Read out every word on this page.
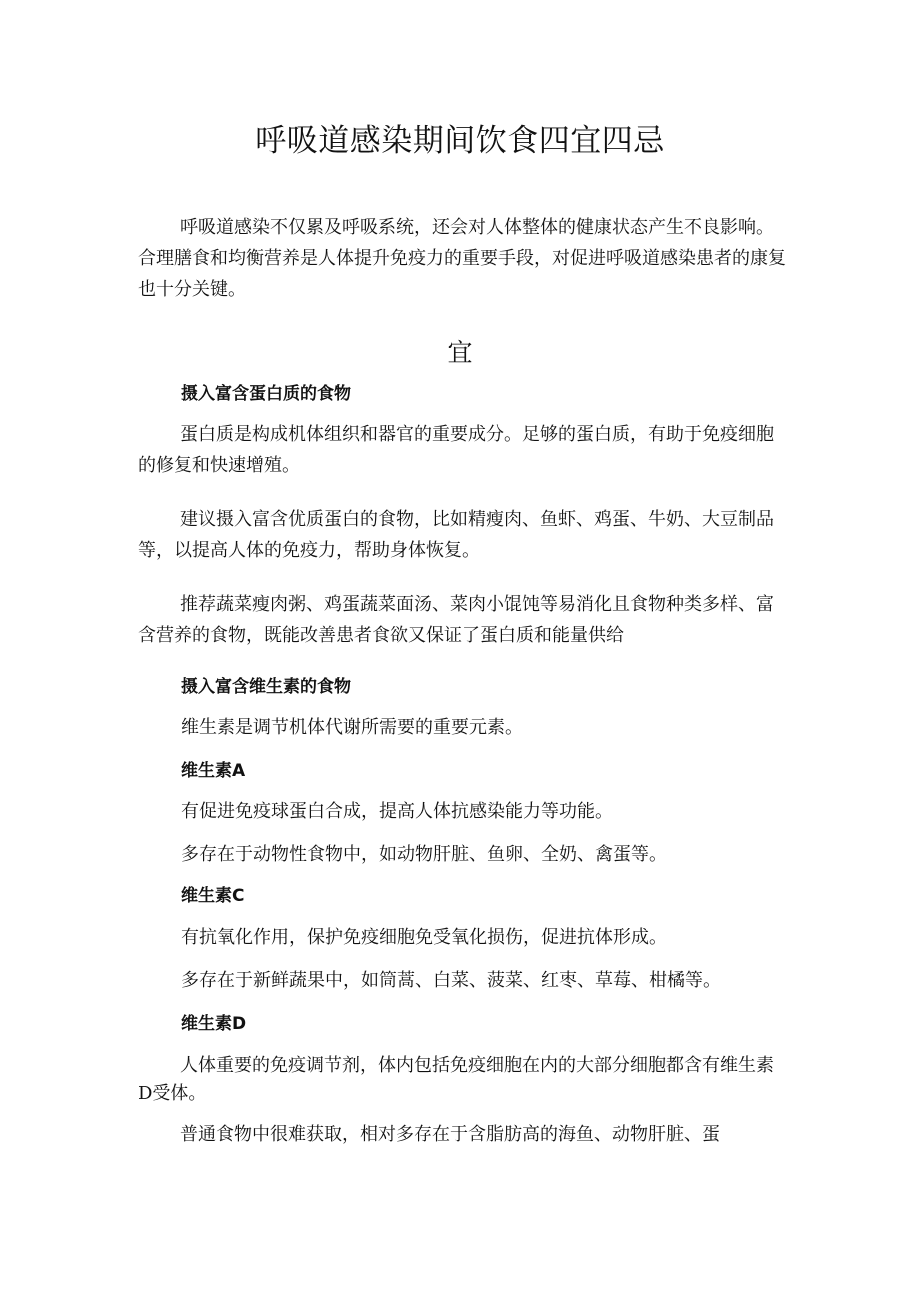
呼吸道感染期间饮食四宜四忌
呼吸道感染不仅累及呼吸系统，还会对人体整体的健康状态产生不良影响。合理膳食和均衡营养是人体提升免疫力的重要手段，对促进呼吸道感染患者的康复也十分关键。
宜
摄入富含蛋白质的食物
蛋白质是构成机体组织和器官的重要成分。足够的蛋白质，有助于免疫细胞的修复和快速增殖。
建议摄入富含优质蛋白的食物，比如精瘦肉、鱼虾、鸡蛋、牛奶、大豆制品等，以提高人体的免疫力，帮助身体恢复。
推荐蔬菜瘦肉粥、鸡蛋蔬菜面汤、菜肉小馄饨等易消化且食物种类多样、富含营养的食物，既能改善患者食欲又保证了蛋白质和能量供给
摄入富含维生素的食物
维生素是调节机体代谢所需要的重要元素。
维生素A
有促进免疫球蛋白合成，提高人体抗感染能力等功能。
多存在于动物性食物中，如动物肝脏、鱼卵、全奶、禽蛋等。
维生素C
有抗氧化作用，保护免疫细胞免受氧化损伤，促进抗体形成。
多存在于新鲜蔬果中，如筒蒿、白菜、菠菜、红枣、草莓、柑橘等。
维生素D
人体重要的免疫调节剂，体内包括免疫细胞在内的大部分细胞都含有维生素D受体。
普通食物中很难获取，相对多存在于含脂肪高的海鱼、动物肝脏、蛋
